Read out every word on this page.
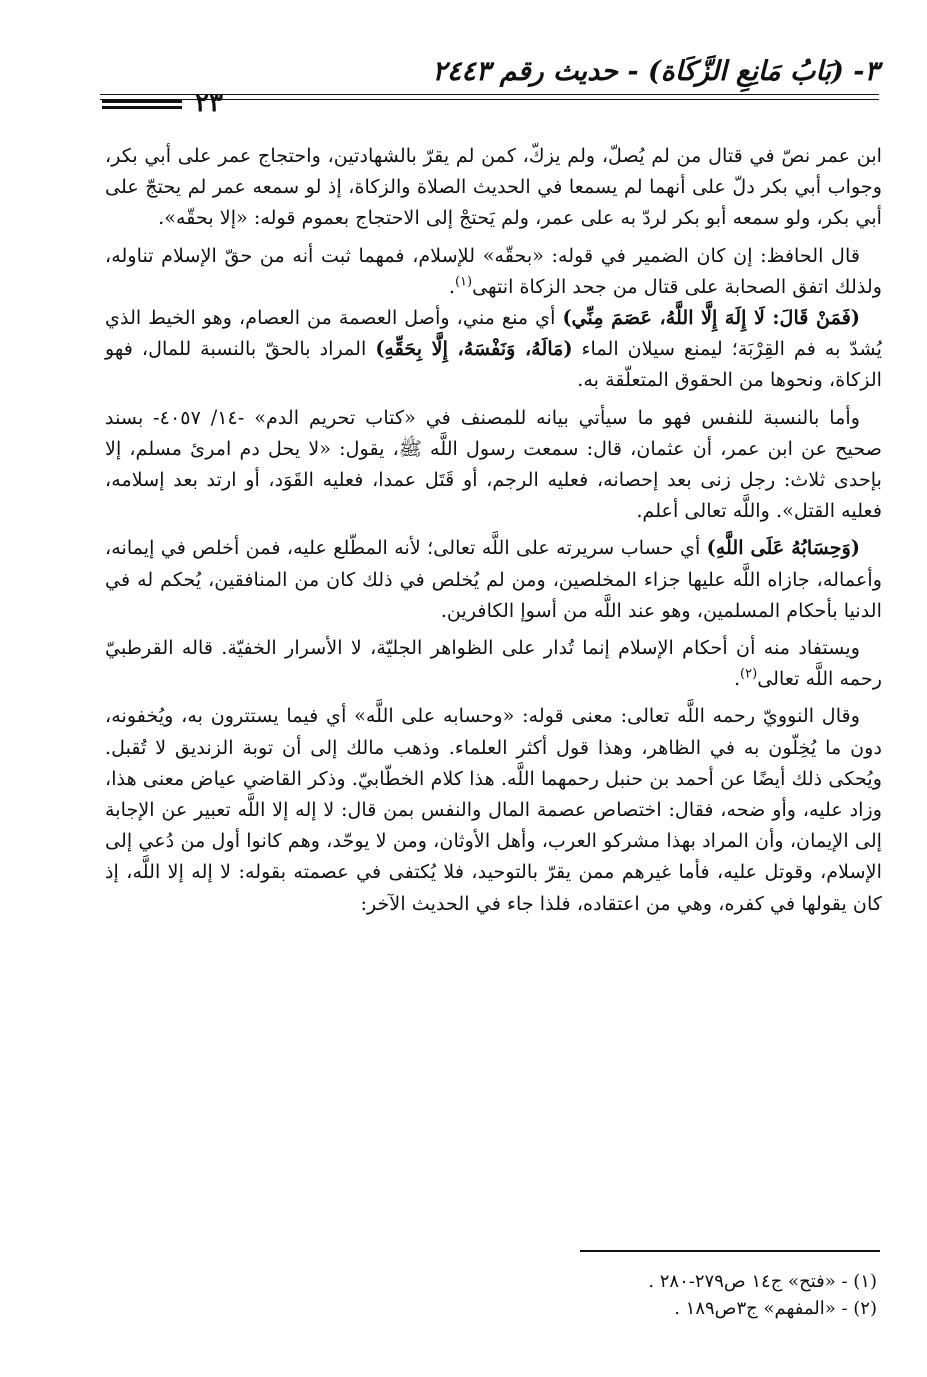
٣- (بَابُ مَانِعِ الزَّكَاة) - حديث رقم ٢٤٤٣
٢٣

ابن عمر نصّ في قتال من لم يُصلّ، ولم يزكّ، كمن لم يقرّ بالشهادتين، واحتجاج عمر على أبي بكر، وجواب أبي بكر دلّ على أنهما لم يسمعا في الحديث الصلاة والزكاة، إذ لو سمعه عمر لم يحتجّ على أبي بكر، ولو سمعه أبو بكر لردّ به على عمر، ولم يَحتجْ إلى الاحتجاج بعموم قوله: «إلا بحقّه».

قال الحافظ: إن كان الضمير في قوله: «بحقّه» للإسلام، فمهما ثبت أنه من حقّ الإسلام تناوله، ولذلك اتفق الصحابة على قتال من جحد الزكاة انتهى$^{(١)}$.

(فَمَنْ قَالَ: لَا إِلَهَ إِلَّا اللَّهُ، عَصَمَ مِنِّي) أي منع مني، وأصل العصمة من العصام، وهو الخيط الذي يُشدّ به فم القِرْبَة؛ ليمنع سيلان الماء (مَالَهُ، وَنَفْسَهُ، إِلَّا بِحَقِّهِ) المراد بالحقّ بالنسبة للمال، فهو الزكاة، ونحوها من الحقوق المتعلّقة به.

وأما بالنسبة للنفس فهو ما سيأتي بيانه للمصنف في «كتاب تحريم الدم» -١٤/ ٤٠٥٧- بسند صحيح عن ابن عمر، أن عثمان، قال: سمعت رسول اللَّه ﷺ، يقول: «لا يحل دم امرئ مسلم، إلا بإحدى ثلاث: رجل زنى بعد إحصانه، فعليه الرجم، أو قَتَل عمدا، فعليه القَوَد، أو ارتد بعد إسلامه، فعليه القتل». واللَّه تعالى أعلم.

(وَحِسَابُهُ عَلَى اللَّهِ) أي حساب سريرته على اللَّه تعالى؛ لأنه المطّلع عليه، فمن أخلص في إيمانه، وأعماله، جازاه اللَّه عليها جزاء المخلصين، ومن لم يُخلص في ذلك كان من المنافقين، يُحكم له في الدنيا بأحكام المسلمين، وهو عند اللَّه من أسوإ الكافرين.

ويستفاد منه أن أحكام الإسلام إنما تُدار على الظواهر الجليّة، لا الأسرار الخفيّة. قاله القرطبيّ رحمه اللَّه تعالى$^{(٢)}$.

وقال النوويّ رحمه اللَّه تعالى: معنى قوله: «وحسابه على اللَّه» أي فيما يستترون به، ويُخفونه، دون ما يُخِلّون به في الظاهر، وهذا قول أكثر العلماء. وذهب مالك إلى أن توبة الزنديق لا تُقبل. ويُحكى ذلك أيضًا عن أحمد بن حنبل رحمهما اللَّه. هذا كلام الخطّابيّ. وذكر القاضي عياض معنى هذا، وزاد عليه، وأو ضحه، فقال: اختصاص عصمة المال والنفس بمن قال: لا إله إلا اللَّه تعبير عن الإجابة إلى الإيمان، وأن المراد بهذا مشركو العرب، وأهل الأوثان، ومن لا يوحّد، وهم كانوا أول من دُعي إلى الإسلام، وقوتل عليه، فأما غيرهم ممن يقرّ بالتوحيد، فلا يُكتفى في عصمته بقوله: لا إله إلا اللَّه، إذ كان يقولها في كفره، وهي من اعتقاده، فلذا جاء في الحديث الآخر:

(١) - «فتح» ج١٤ ص٢٧٩-٢٨٠ .
(٢) - «المفهم» ج٣ص١٨٩ .
